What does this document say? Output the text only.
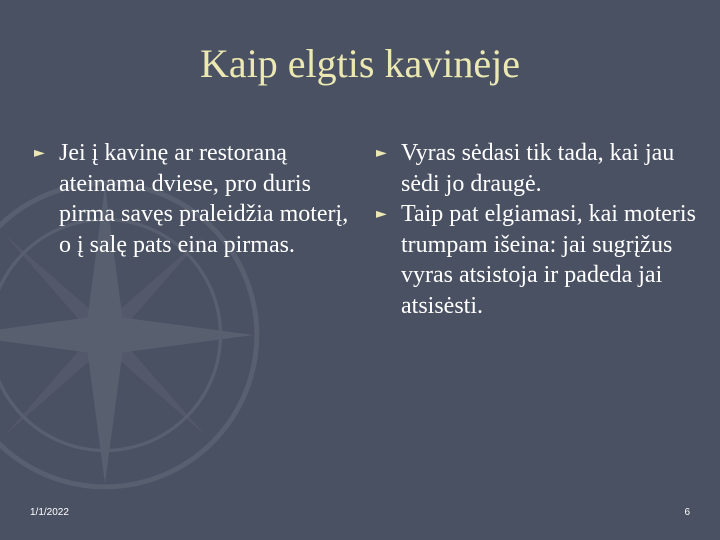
Kaip elgtis kavinėje
► Jei į kavinę ar restoraną ateinama dviese, pro duris pirma savęs praleidžia moterį, o į salę pats eina pirmas.
► Vyras sėdasi tik tada, kai jau sėdi jo draugė.
► Taip pat elgiamasi, kai moteris trumpam išeina: jai sugrįžus vyras atsistoja ir padeda jai atsisėsti.
1/1/2022	6
